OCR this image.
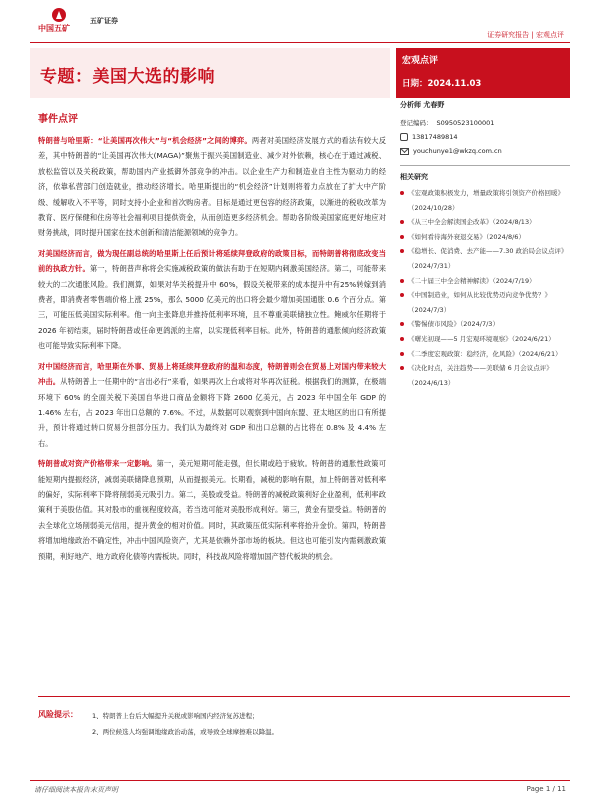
中国五矿
五矿证券
证券研究报告 | 宏观点评
专题：美国大选的影响
宏观点评
日期：2024.11.03
事件点评

特朗普与哈里斯：“让美国再次伟大”与“机会经济”之间的博弈。两者对美国经济发展方式的看法有较大反差，其中特朗普的“让美国再次伟大(MAGA)”聚焦于振兴美国制造业、减少对外依赖，核心在于通过减税、放松监管以及关税政策，帮助国内产业抵御外部竞争的冲击。以企业生产力和制造业自主性为驱动力的经济，依靠私营部门创造就业，推动经济增长。哈里斯提出的“机会经济”计划则将着力点放在了扩大中产阶级、缓解收入不平等，同时支持小企业和首次购房者。目标是通过更包容的经济政策，以渐进的税收改革为教育、医疗保健和住房等社会福利项目提供资金，从而创造更多经济机会。帮助各阶级美国家庭更好地应对财务挑战，同时提升国家在技术创新和清洁能源领域的竞争力。

对美国经济而言，做为现任副总统的哈里斯上任后预计将延续拜登政府的政策目标，而特朗普将彻底改变当前的执政方针。第一，特朗普声称将会实施减税政策的做法有助于在短期内刺激美国经济。第二，可能带来较大的二次通胀风险。我们测算，如果对华关税提升中 60%，假设关税带来的成本提升中有25%转嫁到消费者，即消费者零售端价格上涨 25%，那么 5000 亿美元的出口将会最少增加美国通胀 0.6 个百分点。第三，可能压低美国实际利率。他一向主张降息并推持低利率环境，且不尊重美联储独立性。鲍威尔任期将于 2026 年初结束，届时特朗普或任命更鸽派的主席，以实现低利率目标。此外，特朗普的通胀倾向经济政策也可能导致实际利率下降。

对中国经济而言，哈里斯在外事、贸易上将延续拜登政府的温和态度，特朗普则会在贸易上对国内带来较大冲击。从特朗普上一任期中的“言出必行”来看，如果再次上台或将对华再次征税。根据我们的测算，在极端环境下 60% 的全面关税下美国自华进口商品金额将下降 2600 亿美元，占 2023 年中国全年 GDP 的 1.46% 左右，占 2023 年出口总额的 7.6%。不过，从数据可以观察到中国向东盟、亚太地区的出口有所提升，预计将通过转口贸易分担部分压力。我们认为最终对 GDP 和出口总额的占比将在 0.8% 及 4.4% 左右。

特朗普或对资产价格带来一定影响。第一，美元短期可能走强，但长期或趋于疲软。特朗普的通胀性政策可能短期内提振经济，减弱美联储降息预期，从而提振美元。长期看，减税的影响有限，加上特朗普对低利率的偏好，实际利率下降将削弱美元吸引力。第二，美股或受益。特朗普的减税政策利好企业盈利，低利率政策利于美股估值。其对股市的重视程度较高，若当选可能对美股形成利好。第三，黄金有望受益。特朗普的去全球化立场削弱美元信用，提升黄金的相对价值。同时，其政策压低实际利率将抬升金价。第四，特朗普将增加地缘政治不确定性，冲击中国风险资产，尤其是依赖外部市场的板块。但这也可能引发内需刺激政策预期，利好地产、地方政府化债等内需板块。同时，科技战风险将增加国产替代板块的机会。

分析师 尤春野
登记编码： S0950523100001
13817489814
youchunye1@wkzq.com.cn
相关研究
《宏观政策积极发力，增量政策将引领资产价格回暖》（2024/10/28）
《从三中全会解读国企改革》（2024/8/13）
《如何看待海外衰退交易》（2024/8/6）
《稳增长、促消费、去产能——7.30 政治局会议点评》（2024/7/31）
《二十届三中全会精神解读》（2024/7/19）
《中国制造业，如何从比较优势迈向竞争优势？》（2024/7/3）
《警惕债市风险》（2024/7/3）
《曙光初现——5 月宏观环境观察》（2024/6/21）
《二季度宏观政策：稳经济，化风险》（2024/6/21）
《决化时点，关注趋势——美联储 6 月会议点评》（2024/6/13）
风险提示：	1、特朗普上台后大幅提升关税或影响国内经济复苏进程；
2、两位候选人均强调地缘政治动荡，或导致全球摩擦难以降温。
请仔细阅读本报告末页声明	Page 1 / 11
